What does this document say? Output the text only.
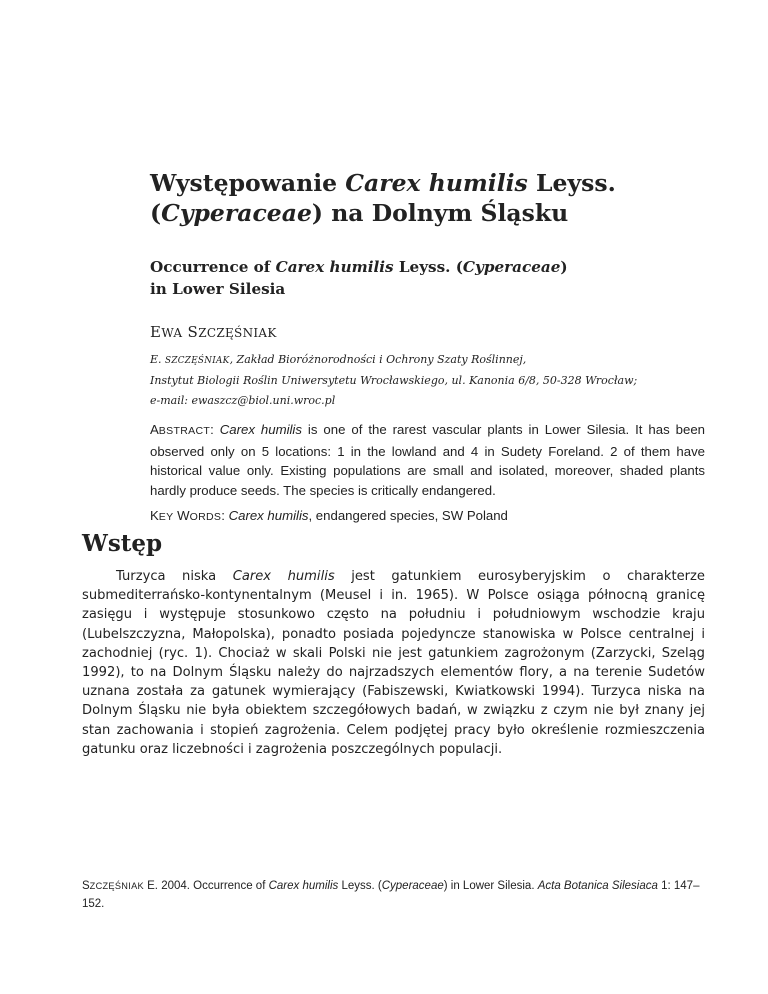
Występowanie Carex humilis Leyss.
(Cyperaceae) na Dolnym Śląsku
Occurrence of Carex humilis Leyss. (Cyperaceae)
in Lower Silesia

EWA SZCZĘŚNIAK

E. SZCZĘŚNIAK, Zakład Bioróżnorodności i Ochrony Szaty Roślinnej,
Instytut Biologii Roślin Uniwersytetu Wrocławskiego, ul. Kanonia 6/8, 50-328 Wrocław;
e-mail: ewaszcz@biol.uni.wroc.pl

ABSTRACT: Carex humilis is one of the rarest vascular plants in Lower Silesia. It has been observed only on 5 locations: 1 in the lowland and 4 in Sudety Foreland. 2 of them have historical value only. Existing populations are small and isolated, moreover, shaded plants hardly produce seeds. The species is critically endangered.

KEY WORDS: Carex humilis, endangered species, SW Poland

Wstęp

Turzyca niska Carex humilis jest gatunkiem eurosyberyjskim o charakterze submediterrańsko-kontynentalnym (Meusel i in. 1965). W Polsce osiąga północną granicę zasięgu i występuje stosunkowo często na południu i południowym wschodzie kraju (Lubelszczyzna, Małopolska), ponadto posiada pojedyncze stanowiska w Polsce centralnej i zachodniej (ryc. 1). Chociaż w skali Polski nie jest gatunkiem zagrożonym (Zarzycki, Szeląg 1992), to na Dolnym Śląsku należy do najrzadszych elementów flory, a na terenie Sudetów uznana została za gatunek wymierający (Fabiszewski, Kwiatkowski 1994). Turzyca niska na Dolnym Śląsku nie była obiektem szczegółowych badań, w związku z czym nie był znany jej stan zachowania i stopień zagrożenia. Celem podjętej pracy było określenie rozmieszczenia gatunku oraz liczebności i zagrożenia poszczególnych populacji.

SZCZĘŚNIAK E. 2004. Occurrence of Carex humilis Leyss. (Cyperaceae) in Lower Silesia. Acta Botanica Silesiaca 1: 147–152.
